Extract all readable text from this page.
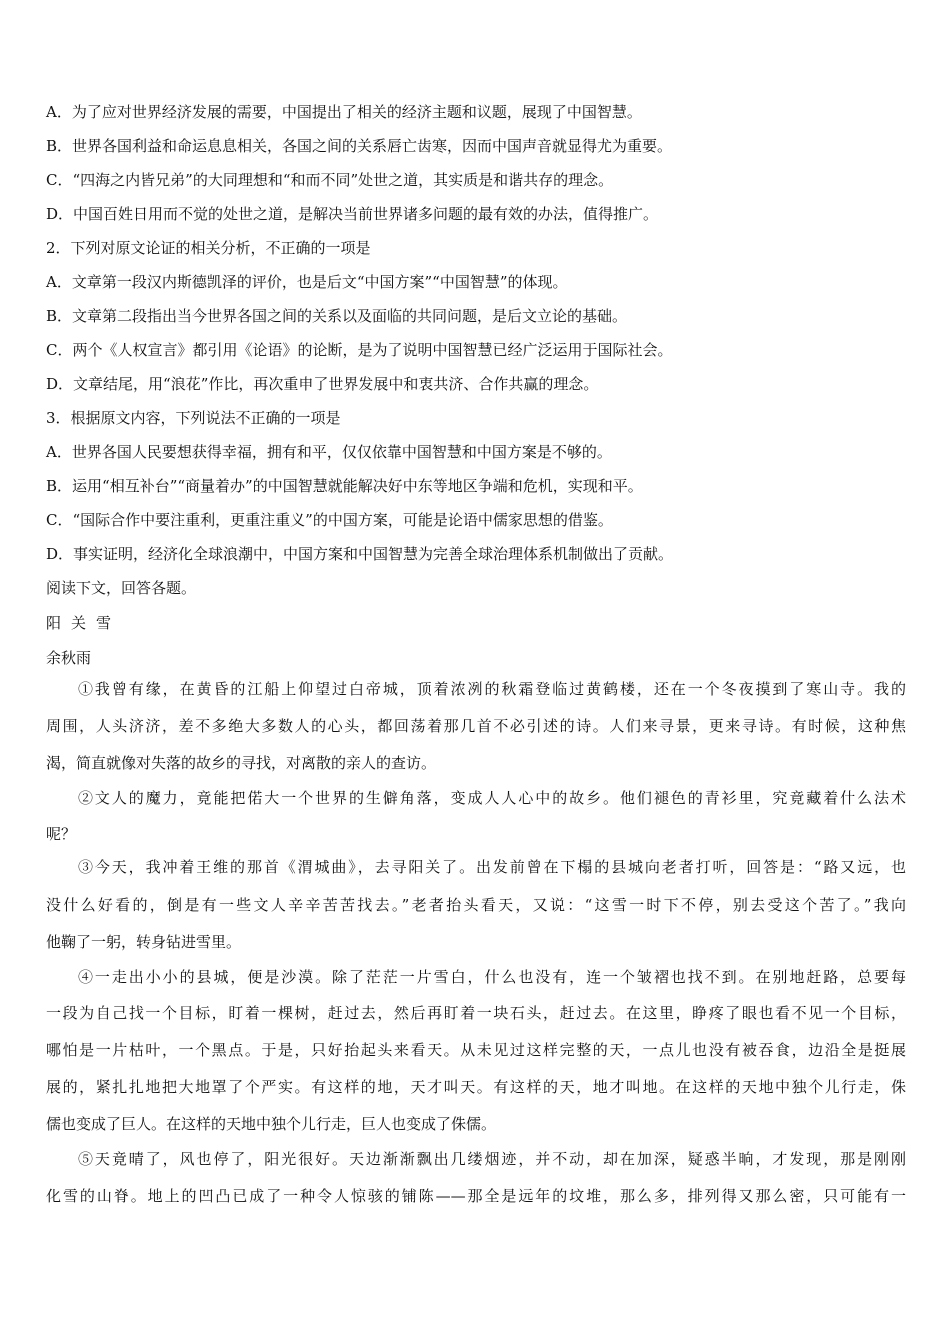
A．为了应对世界经济发展的需要，中国提出了相关的经济主题和议题，展现了中国智慧。
B．世界各国利益和命运息息相关，各国之间的关系唇亡齿寒，因而中国声音就显得尤为重要。
C．“四海之内皆兄弟”的大同理想和“和而不同”处世之道，其实质是和谐共存的理念。
D．中国百姓日用而不觉的处世之道，是解决当前世界诸多问题的最有效的办法，值得推广。
2．下列对原文论证的相关分析，不正确的一项是
A．文章第一段汉内斯德凯泽的评价，也是后文“中国方案”“中国智慧”的体现。
B．文章第二段指出当今世界各国之间的关系以及面临的共同问题，是后文立论的基础。
C．两个《人权宣言》都引用《论语》的论断，是为了说明中国智慧已经广泛运用于国际社会。
D．文章结尾，用“浪花”作比，再次重申了世界发展中和衷共济、合作共赢的理念。
3．根据原文内容，下列说法不正确的一项是
A．世界各国人民要想获得幸福，拥有和平，仅仅依靠中国智慧和中国方案是不够的。
B．运用“相互补台”“商量着办”的中国智慧就能解决好中东等地区争端和危机，实现和平。
C．“国际合作中要注重利，更重注重义”的中国方案，可能是论语中儒家思想的借鉴。
D．事实证明，经济化全球浪潮中，中国方案和中国智慧为完善全球治理体系机制做出了贡献。
阅读下文，回答各题。
阳关雪
余秋雨
①我曾有缘，在黄昏的江船上仰望过白帝城，顶着浓冽的秋霜登临过黄鹤楼，还在一个冬夜摸到了寒山寺。我的
周围，人头济济，差不多绝大多数人的心头，都回荡着那几首不必引述的诗。人们来寻景，更来寻诗。有时候，这种焦
渴，简直就像对失落的故乡的寻找，对离散的亲人的查访。
②文人的魔力，竟能把偌大一个世界的生僻角落，变成人人心中的故乡。他们褪色的青衫里，究竟藏着什么法术
呢？
③今天，我冲着王维的那首《渭城曲》，去寻阳关了。出发前曾在下榻的县城向老者打听，回答是：“路又远，也
没什么好看的，倒是有一些文人辛辛苦苦找去。”老者抬头看天，又说：“这雪一时下不停，别去受这个苦了。”我向
他鞠了一躬，转身钻进雪里。
④一走出小小的县城，便是沙漠。除了茫茫一片雪白，什么也没有，连一个皱褶也找不到。在别地赶路，总要每
一段为自己找一个目标，盯着一棵树，赶过去，然后再盯着一块石头，赶过去。在这里，睁疼了眼也看不见一个目标，
哪怕是一片枯叶，一个黑点。于是，只好抬起头来看天。从未见过这样完整的天，一点儿也没有被吞食，边沿全是挺展
展的，紧扎扎地把大地罩了个严实。有这样的地，天才叫天。有这样的天，地才叫地。在这样的天地中独个儿行走，侏
儒也变成了巨人。在这样的天地中独个儿行走，巨人也变成了侏儒。
⑤天竟晴了，风也停了，阳光很好。天边渐渐飘出几缕烟迹，并不动，却在加深，疑惑半晌，才发现，那是刚刚
化雪的山脊。地上的凹凸已成了一种令人惊骇的铺陈——那全是远年的坟堆，那么多，排列得又那么密，只可能有一
